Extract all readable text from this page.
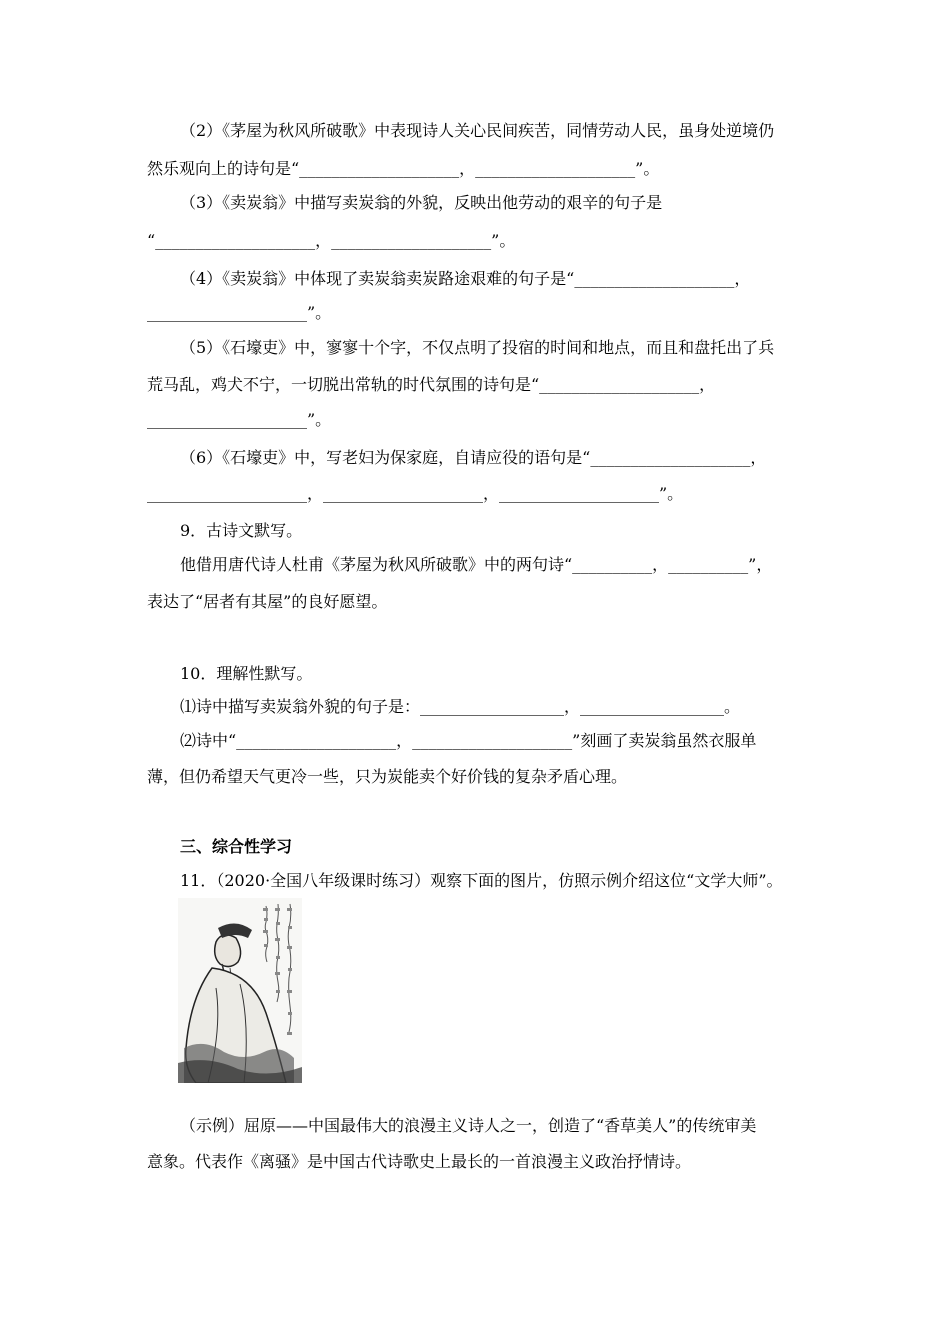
（2）《茅屋为秋风所破歌》中表现诗人关心民间疾苦，同情劳动人民，虽身处逆境仍
然乐观向上的诗句是“____________________，____________________”。
（3）《卖炭翁》中描写卖炭翁的外貌，反映出他劳动的艰辛的句子是
“____________________，____________________”。
（4）《卖炭翁》中体现了卖炭翁卖炭路途艰难的句子是“____________________，
____________________”。
（5）《石壕吏》中，寥寥十个字，不仅点明了投宿的时间和地点，而且和盘托出了兵
荒马乱，鸡犬不宁，一切脱出常轨的时代氛围的诗句是“____________________，
____________________”。
（6）《石壕吏》中，写老妇为保家庭，自请应役的语句是“____________________，
____________________，____________________，____________________”。
9．古诗文默写。
他借用唐代诗人杜甫《茅屋为秋风所破歌》中的两句诗“__________，__________”，
表达了“居者有其屋”的良好愿望。
10．理解性默写。
⑴诗中描写卖炭翁外貌的句子是：__________________，__________________。
⑵诗中“____________________，____________________”刻画了卖炭翁虽然衣服单
薄，但仍希望天气更冷一些，只为炭能卖个好价钱的复杂矛盾心理。
三、综合性学习
11．（2020·全国八年级课时练习）观察下面的图片，仿照示例介绍这位“文学大师”。
（示例）屈原——中国最伟大的浪漫主义诗人之一，创造了“香草美人”的传统审美
意象。代表作《离骚》是中国古代诗歌史上最长的一首浪漫主义政治抒情诗。
